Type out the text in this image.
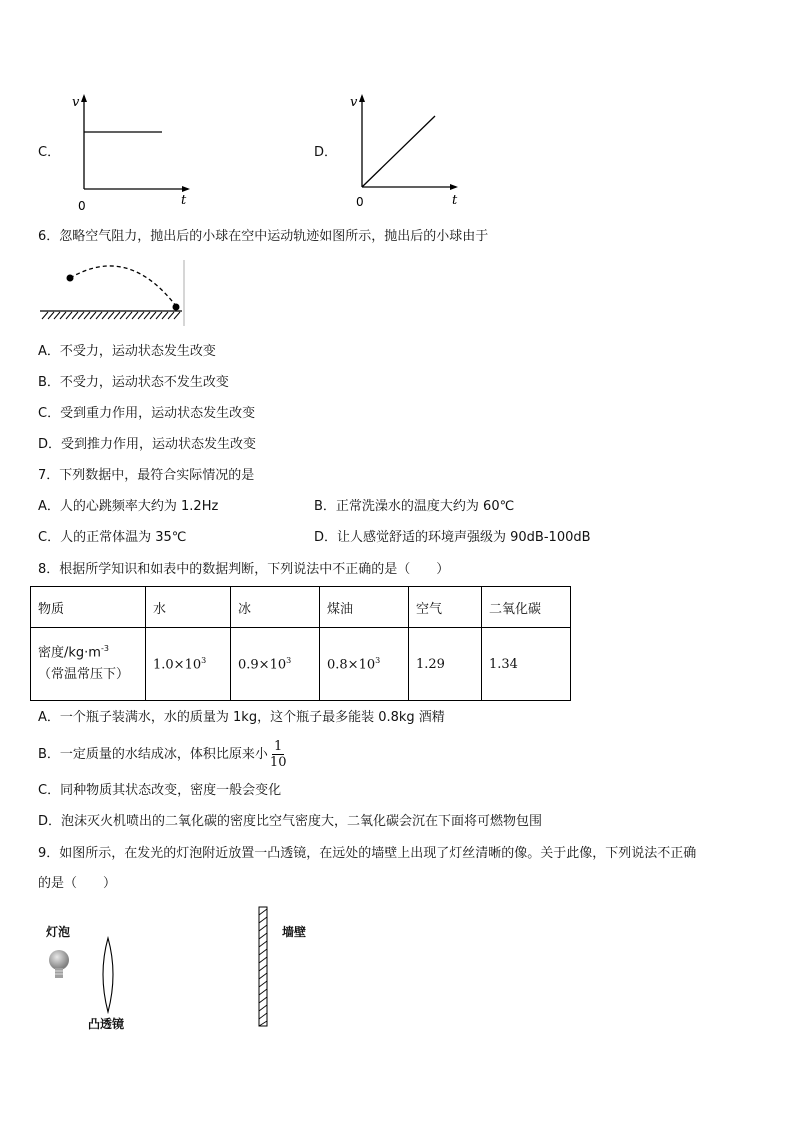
C．
v
t
0
D．
v
t
0
6．忽略空气阻力，抛出后的小球在空中运动轨迹如图所示，抛出后的小球由于
A．不受力，运动状态发生改变
B．不受力，运动状态不发生改变
C．受到重力作用，运动状态发生改变
D．受到推力作用，运动状态发生改变
7．下列数据中，最符合实际情况的是
A．人的心跳频率大约为 1.2Hz	B．正常洗澡水的温度大约为 60℃
C．人的正常体温为 35℃	D．让人感觉舒适的环境声强级为 90dB-100dB
8．根据所学知识和如表中的数据判断，下列说法中不正确的是（　　）
物质	水	冰	煤油	空气	二氧化碳

密度$/kg\cdot m^{-3}$
（常温常压下）	$1.0\times 10^3$	$0.9\times 10^3$	$0.8\times 10^3$	1.29	1.34
A．一个瓶子装满水，水的质量为 1kg，这个瓶子最多能装 0.8kg 酒精
B．一定质量的水结成冰，体积比原来小 $\frac{1}{10}$
C．同种物质其状态改变，密度一般会变化
D．泡沫灭火机喷出的二氧化碳的密度比空气密度大，二氧化碳会沉在下面将可燃物包围
9．如图所示，在发光的灯泡附近放置一凸透镜，在远处的墙壁上出现了灯丝清晰的像。关于此像，下列说法不正确
的是（　　）
灯泡
凸透镜
墙壁
